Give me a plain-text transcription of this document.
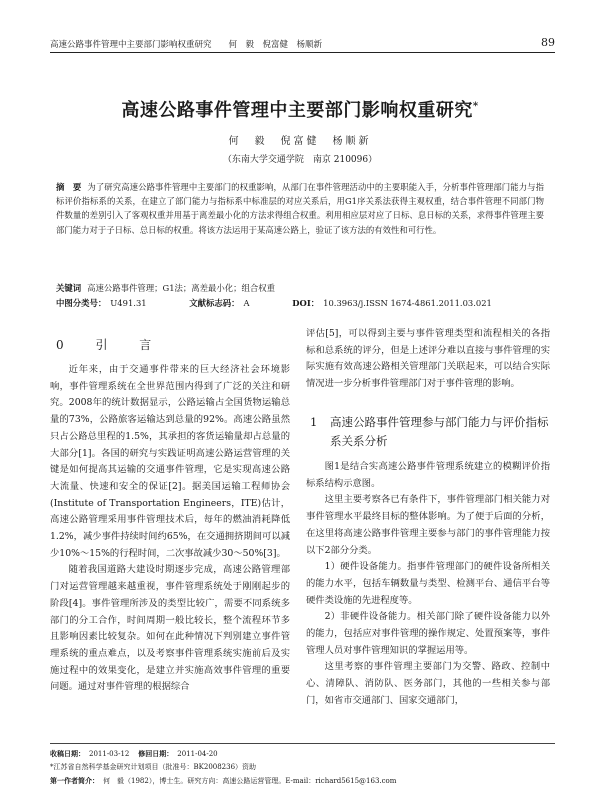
高速公路事件管理中主要部门影响权重研究　　何　毅　倪富健　杨顺新	89
高速公路事件管理中主要部门影响权重研究*
何　毅　倪富健　杨顺新
（东南大学交通学院　南京 210096）
摘　要 为了研究高速公路事件管理中主要部门的权重影响，从部门在事件管理活动中的主要职能入手，分析事件管理部门能力与指标评价指标系的关系，在建立了部门能力与指标系中标准层的对应关系后，用G1序关系法获得主观权重，结合事件管理不同部门物件数量的差别引入了客观权重并用基于离差最小化的方法求得组合权重。利用相应层对应了日标、息日标的关系，求得事件管理主要部门能力对于子日标、总日标的权重。将该方法运用于某高速公路上，验证了该方法的有效性和可行性。
关键词 高速公路事件管理；G1法；离差最小化；组合权重
中图分类号： U491.31	文献标志码： A	DOI： 10.3963/j.ISSN 1674-4861.2011.03.021
0 引 言

近年来，由于交通事件带来的巨大经济社会环境影响，事件管理系统在全世界范围内得到了广泛的关注和研究。2008年的统计数据显示，公路运输占全国货物运输总量的73%，公路旅客运输达到总量的92%。高速公路虽然只占公路总里程的1.5%，其承担的客货运输量却占总量的大部分[1]。各国的研究与实践证明高速公路运营管理的关键是如何提高其运输的交通事件管理，它是实现高速公路大流量、快速和安全的保证[2]。据美国运输工程师协会(Institute of Transportation Engineers，ITE)估计，高速公路管理采用事件管理技术后，每年的燃油消耗降低1.2%，减少事件持续时间约65%，在交通拥挤期间可以减少10%～15%的行程时间，二次事故减少30～50%[3]。

随着我国道路大建设时期逐步完成，高速公路管理部门对运营管理越来越重视，事件管理系统处于刚刚起步的阶段[4]。事件管理所涉及的类型比较广，需要不同系统多部门的分工合作，时间周期一般比较长，整个流程环节多且影响因素比较复杂。如何在此种情况下判别建立事件管理系统的重点难点，以及考察事件管理系统实施前后及实施过程中的效果变化，是建立并实施高效事件管理的重要问题。通过对事件管理的根据综合

评估[5]，可以得到主要与事件管理类型和流程相关的各指标和总系统的评分，但是上述评分难以直接与事件管理的实际实施有效高速公路相关管理部门关联起来，可以结合实际情况进一步分析事件管理部门对于事件管理的影响。

1	高速公路事件管理参与部门能力与评价指标系关系分析

图1是结合实高速公路事件管理系统建立的模糊评价指标系结构示意图。

这里主要考察各已有条件下，事件管理部门相关能力对事件管理水平最终目标的整体影响。为了便于后面的分析，在这里将高速公路事件管理主要参与部门的事件管理能力按以下2部分分类。

1）硬件设备能力。指事件管理部门的硬件设备所相关的能力水平，包括车辆数量与类型、检测平台、通信平台等硬件类设施的先进程度等。

2）非硬件设备能力。相关部门除了硬件设备能力以外的能力，包括应对事件管理的操作规定、处置预案等，事件管理人员对事件管理知识的掌握运用等。

这里考察的事件管理主要部门为交警、路政、控制中心、清障队、消防队、医务部门，其他的一些相关参与部门，如省市交通部门、国家交通部门，

收稿日期： 2011-03-12 修回日期： 2011-04-20
*江苏省自然科学基金研究计划项目（批准号：BK2008236）资助
第一作者简介： 何　毅（1982），博士生。研究方向：高速公路运营管理。E-mail：richard5615@163.com
